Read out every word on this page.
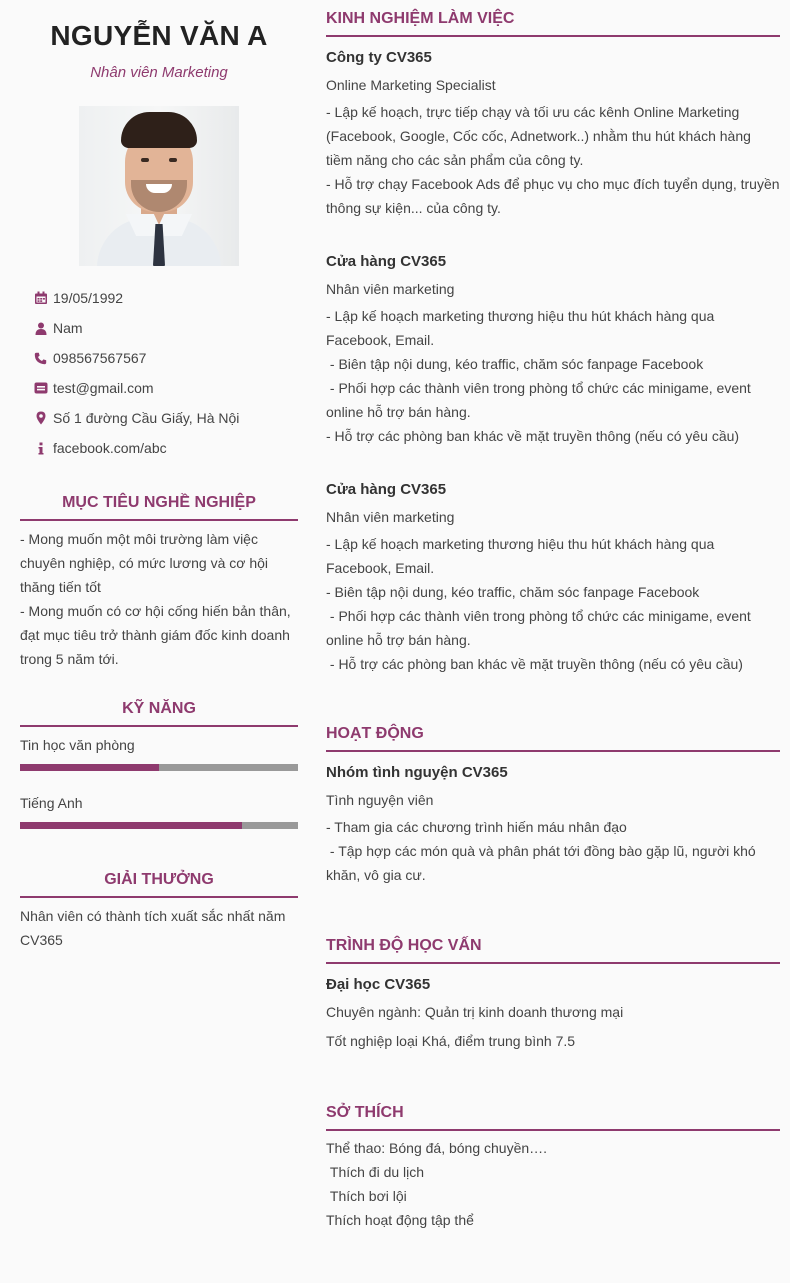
NGUYỄN VĂN A
Nhân viên Marketing
19/05/1992
Nam
098567567567
test@gmail.com
Số 1 đường Cầu Giấy, Hà Nội
facebook.com/abc
MỤC TIÊU NGHỀ NGHIỆP
- Mong muốn một môi trường làm việc chuyên nghiệp, có mức lương và cơ hội thăng tiến tốt
- Mong muốn có cơ hội cống hiến bản thân, đạt mục tiêu trở thành giám đốc kinh doanh trong 5 năm tới.
KỸ NĂNG
Tin học văn phòng
Tiếng Anh
GIẢI THƯỞNG
Nhân viên có thành tích xuất sắc nhất năm CV365
KINH NGHIỆM LÀM VIỆC
Công ty CV365
Online Marketing Specialist
- Lập kế hoạch, trực tiếp chạy và tối ưu các kênh Online Marketing (Facebook, Google, Cốc cốc, Adnetwork..) nhằm thu hút khách hàng tiềm năng cho các sản phẩm của công ty.
- Hỗ trợ chạy Facebook Ads để phục vụ cho mục đích tuyển dụng, truyền thông sự kiện... của công ty.
Cửa hàng CV365
Nhân viên marketing
- Lập kế hoạch marketing thương hiệu thu hút khách hàng qua Facebook, Email.
- Biên tập nội dung, kéo traffic, chăm sóc fanpage Facebook
- Phối hợp các thành viên trong phòng tổ chức các minigame, event online hỗ trợ bán hàng.
- Hỗ trợ các phòng ban khác về mặt truyền thông (nếu có yêu cầu)
Cửa hàng CV365
Nhân viên marketing
- Lập kế hoạch marketing thương hiệu thu hút khách hàng qua Facebook, Email.
- Biên tập nội dung, kéo traffic, chăm sóc fanpage Facebook
- Phối hợp các thành viên trong phòng tổ chức các minigame, event online hỗ trợ bán hàng.
- Hỗ trợ các phòng ban khác về mặt truyền thông (nếu có yêu cầu)
HOẠT ĐỘNG
Nhóm tình nguyện CV365
Tình nguyện viên
- Tham gia các chương trình hiến máu nhân đạo
- Tập hợp các món quà và phân phát tới đồng bào gặp lũ, người khó khăn, vô gia cư.
TRÌNH ĐỘ HỌC VẤN
Đại học CV365
Chuyên ngành: Quản trị kinh doanh thương mại
Tốt nghiệp loại Khá, điểm trung bình 7.5
SỞ THÍCH
Thể thao: Bóng đá, bóng chuyền….
Thích đi du lịch
Thích bơi lội
Thích hoạt động tập thể
